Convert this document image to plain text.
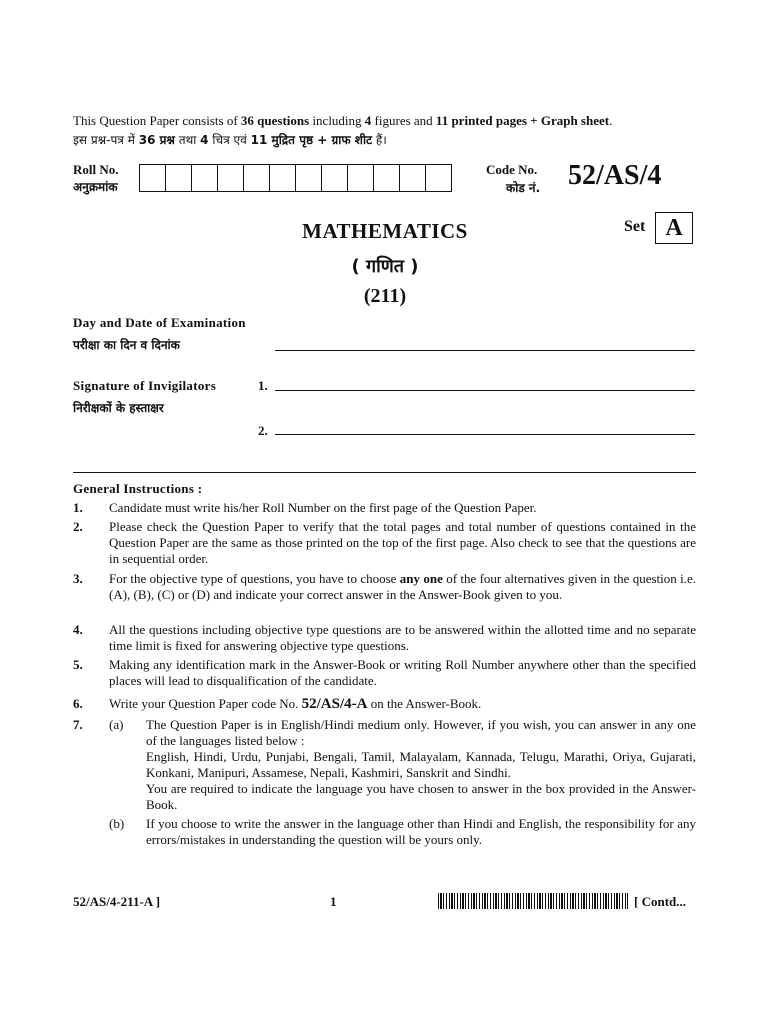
This Question Paper consists of 36 questions including 4 figures and 11 printed pages + Graph sheet.
इस प्रश्न-पत्र में 36 प्रश्न तथा 4 चित्र एवं 11 मुद्रित पृष्ठ + ग्राफ शीट हैं।
Roll No.
अनुक्रमांक
Code No.
कोड नं. 52/AS/4
MATHEMATICS
( गणित )
(211)
Set A
Day and Date of Examination
परीक्षा का दिन व दिनांक
Signature of Invigilators
निरीक्षकों के हस्ताक्षर
1.
2.
General Instructions :
1. Candidate must write his/her Roll Number on the first page of the Question Paper.
2. Please check the Question Paper to verify that the total pages and total number of questions contained in the Question Paper are the same as those printed on the top of the first page. Also check to see that the questions are in sequential order.
3. For the objective type of questions, you have to choose any one of the four alternatives given in the question i.e. (A), (B), (C) or (D) and indicate your correct answer in the Answer-Book given to you.
4. All the questions including objective type questions are to be answered within the allotted time and no separate time limit is fixed for answering objective type questions.
5. Making any identification mark in the Answer-Book or writing Roll Number anywhere other than the specified places will lead to disqualification of the candidate.
6. Write your Question Paper code No. 52/AS/4-A on the Answer-Book.
7. (a) The Question Paper is in English/Hindi medium only. However, if you wish, you can answer in any one of the languages listed below :
English, Hindi, Urdu, Punjabi, Bengali, Tamil, Malayalam, Kannada, Telugu, Marathi, Oriya, Gujarati, Konkani, Manipuri, Assamese, Nepali, Kashmiri, Sanskrit and Sindhi.
You are required to indicate the language you have chosen to answer in the box provided in the Answer-Book.
(b) If you choose to write the answer in the language other than Hindi and English, the responsibility for any errors/mistakes in understanding the question will be yours only.
52/AS/4-211-A ]	1	[ Contd...
